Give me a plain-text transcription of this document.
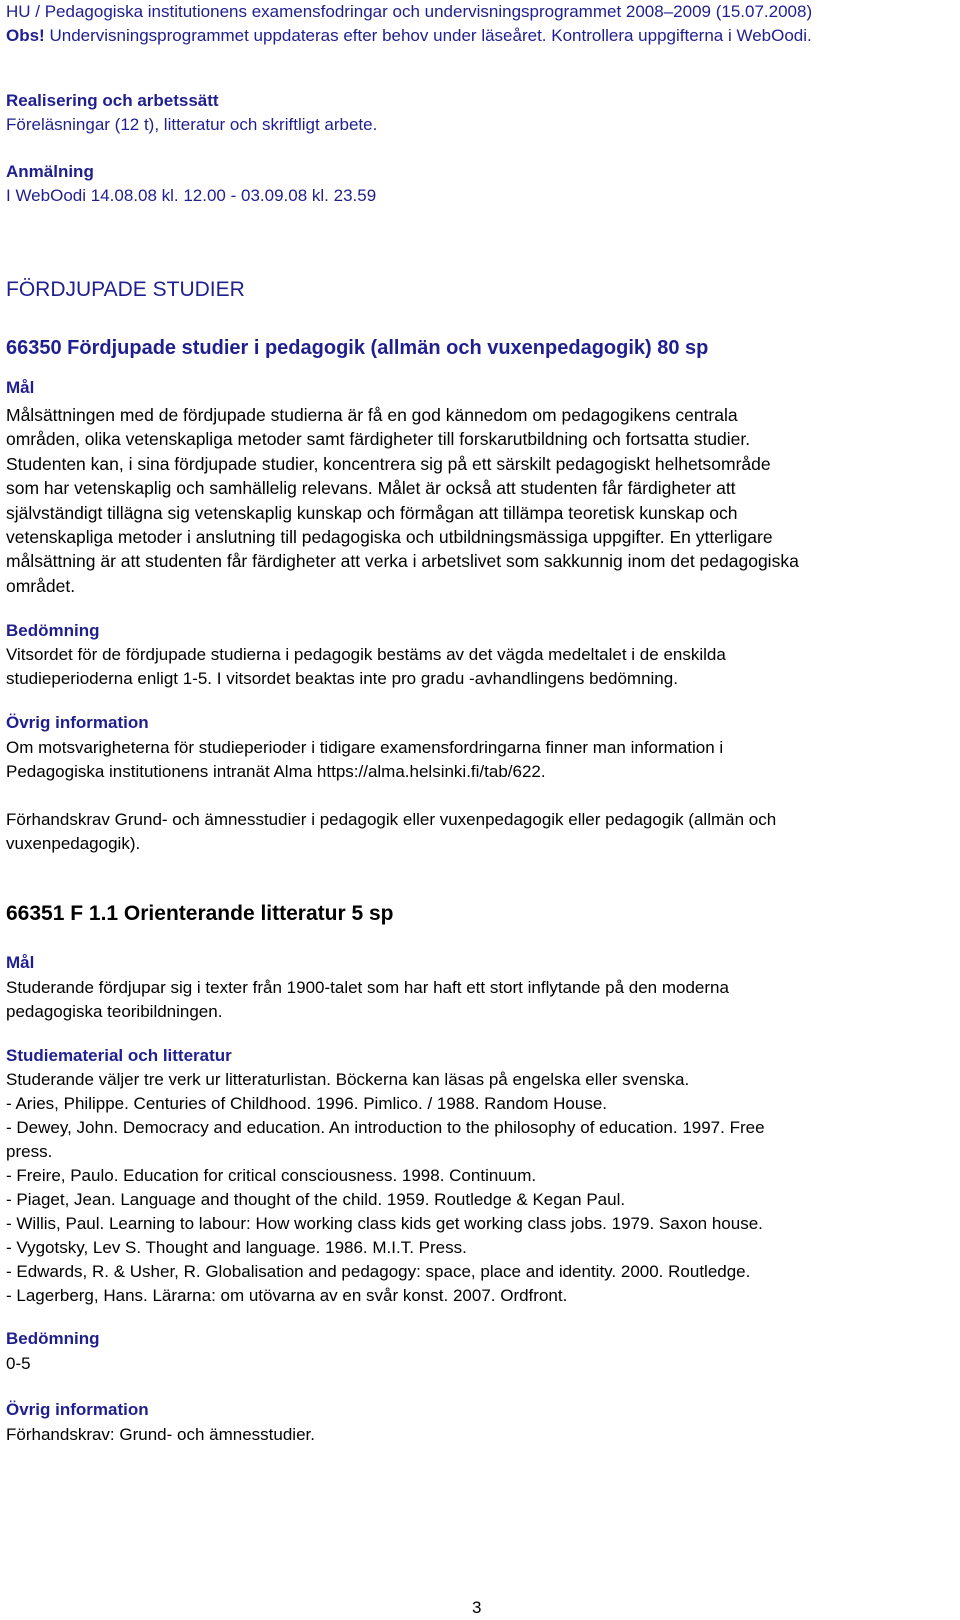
HU / Pedagogiska institutionens examensfodringar och undervisningsprogrammet 2008–2009 (15.07.2008)
Obs! Undervisningsprogrammet uppdateras efter behov under läseåret. Kontrollera uppgifterna i WebOodi.
Realisering och arbetssätt
Föreläsningar (12 t), litteratur och skriftligt arbete.
Anmälning
I WebOodi 14.08.08 kl. 12.00 - 03.09.08 kl. 23.59
FÖRDJUPADE STUDIER
66350 Fördjupade studier i pedagogik (allmän och vuxenpedagogik) 80 sp
Mål
Målsättningen med de fördjupade studierna är få en god kännedom om pedagogikens centrala
områden, olika vetenskapliga metoder samt färdigheter till forskarutbildning och fortsatta studier.
Studenten kan, i sina fördjupade studier, koncentrera sig på ett särskilt pedagogiskt helhetsområde
som har vetenskaplig och samhällelig relevans. Målet är också att studenten får färdigheter att
självständigt tillägna sig vetenskaplig kunskap och förmågan att tillämpa teoretisk kunskap och
vetenskapliga metoder i anslutning till pedagogiska och utbildningsmässiga uppgifter. En ytterligare
målsättning är att studenten får färdigheter att verka i arbetslivet som sakkunnig inom det pedagogiska
området.
Bedömning
Vitsordet för de fördjupade studierna i pedagogik bestäms av det vägda medeltalet i de enskilda
studieperioderna enligt 1-5. I vitsordet beaktas inte pro gradu -avhandlingens bedömning.
Övrig information
Om motsvarigheterna för studieperioder i tidigare examensfordringarna finner man information i
Pedagogiska institutionens intranät Alma https://alma.helsinki.fi/tab/622.
Förhandskrav Grund- och ämnesstudier i pedagogik eller vuxenpedagogik eller pedagogik (allmän och
vuxenpedagogik).
66351 F 1.1 Orienterande litteratur 5 sp
Mål
Studerande fördjupar sig i texter från 1900-talet som har haft ett stort inflytande på den moderna
pedagogiska teoribildningen.
Studiematerial och litteratur
Studerande väljer tre verk ur litteraturlistan. Böckerna kan läsas på engelska eller svenska.
- Aries, Philippe. Centuries of Childhood. 1996. Pimlico. / 1988. Random House.
- Dewey, John. Democracy and education. An introduction to the philosophy of education. 1997. Free
press.
- Freire, Paulo. Education for critical consciousness. 1998. Continuum.
- Piaget, Jean. Language and thought of the child. 1959. Routledge & Kegan Paul.
- Willis, Paul. Learning to labour: How working class kids get working class jobs. 1979. Saxon house.
- Vygotsky, Lev S. Thought and language. 1986. M.I.T. Press.
- Edwards, R. & Usher, R. Globalisation and pedagogy: space, place and identity. 2000. Routledge.
- Lagerberg, Hans. Lärarna: om utövarna av en svår konst. 2007. Ordfront.
Bedömning
0-5
Övrig information
Förhandskrav: Grund- och ämnesstudier.
3
